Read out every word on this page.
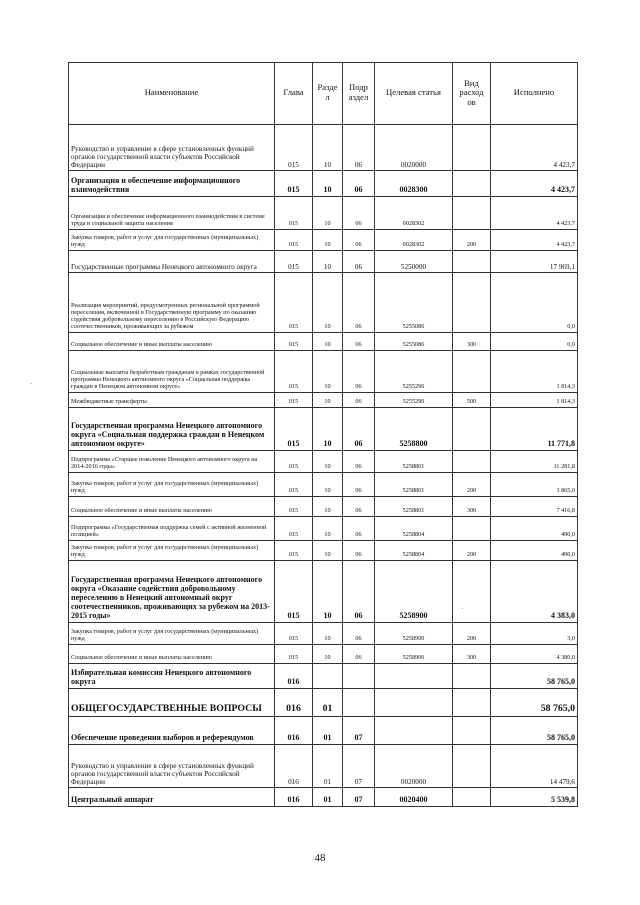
Наименование	Глава	Разде л	Подр аздел	Целевая статья	Вид расход ов	Исполнено
Руководство и управление в сфере установленных функций органов государственной власти субъектов Российской Федерации	015	10	06	0020000		4 423,7
Организация и обеспечение информационного взаимодействия	015	10	06	0028300		4 423,7
Организация и обеспечение информационного взаимодействия в системе труда и социальной защиты населения	015	10	06	0028302		4 423,7
Закупка товаров, работ и услуг для государственных (муниципальных) нужд	015	10	06	0028302	200	4 423,7
Государственные программы Ненецкого автономного округа	015	10	06	5250000		17 969,1
Реализация мероприятий, предусмотренных региональной программой переселения, включенной в Государственную программу по оказанию содействия добровольному переселению в Российскую Федерацию соотечественников, проживающих за рубежом	015	10	06	5255086		0,0
Социальное обеспечение и иные выплаты населению	015	10	06	5255086	300	0,0
Социальные выплаты безработным гражданам в рамках государственной программы Ненецкого автономного округа «Социальная поддержка граждан в Ненецком автономном округе»	015	10	06	5255290		1 814,3
Межбюджетные трансферты	015	10	06	5255290	500	1 814,3
Государственная программа Ненецкого автономного округа «Социальная поддержка граждан в Ненецком автономном округе»	015	10	06	5258800		11 771,8
Подпрограмма «Старшее поколение Ненецкого автономного округа на 2014-2016 годы»	015	10	06	5258801		11 281,8
Закупка товаров, работ и услуг для государственных (муниципальных) нужд	015	10	06	5258801	200	3 865,0
Социальное обеспечение и иные выплаты населению	015	10	06	5258801	300	7 416,8
Подпрограмма «Государственная поддержка семей с активной жизненной позицией»	015	10	06	5258804		490,0
Закупка товаров, работ и услуг для государственных (муниципальных) нужд	015	10	06	5258804	200	490,0
Государственная программа Ненецкого автономного округа «Оказание содействия добровольному переселению в Ненецкий автономный округ соотечественников, проживающих за рубежом на 2013-2015 годы»	015	10	06	5258900		4 383,0
Закупка товаров, работ и услуг для государственных (муниципальных) нужд	015	10	06	5258900	200	3,0
Социальное обеспечение и иные выплаты населению	015	10	06	5258900	300	4 380,0
Избирательная комиссия Ненецкого автономного округа	016					58 765,0
ОБЩЕГОСУДАРСТВЕННЫЕ ВОПРОСЫ	016	01				58 765,0
Обеспечение проведения выборов и референдумов	016	01	07			58 765,0
Руководство и управление в сфере установленных функций органов государственной власти субъектов Российской Федерации	016	01	07	0020000		14 479,6
Центральный аппарат	016	01	07	0020400		5 539,8
·
·
48
